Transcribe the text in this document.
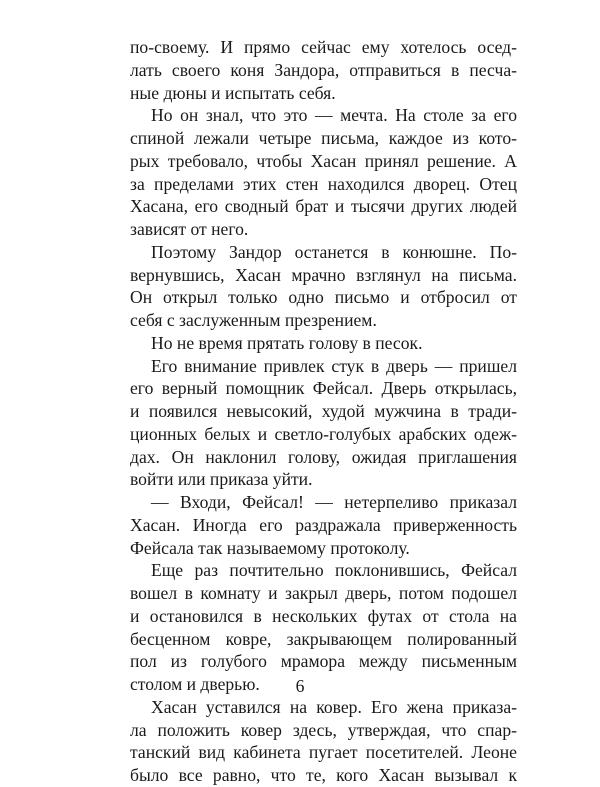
по-своему. И прямо сейчас ему хотелось осед-
лать своего коня Зандора, отправиться в песча-
ные дюны и испытать себя.
Но он знал, что это — мечта. На столе за его
спиной лежали четыре письма, каждое из кото-
рых требовало, чтобы Хасан принял решение. А
за пределами этих стен находился дворец. Отец
Хасана, его сводный брат и тысячи других людей
зависят от него.
Поэтому Зандор останется в конюшне. По-
вернувшись, Хасан мрачно взглянул на письма.
Он открыл только одно письмо и отбросил от
себя с заслуженным презрением.
Но не время прятать голову в песок.
Его внимание привлек стук в дверь — пришел
его верный помощник Фейсал. Дверь открылась,
и появился невысокий, худой мужчина в тради-
ционных белых и светло-голубых арабских одеж-
дах. Он наклонил голову, ожидая приглашения
войти или приказа уйти.
— Входи, Фейсал! — нетерпеливо приказал
Хасан. Иногда его раздражала приверженность
Фейсала так называемому протоколу.
Еще раз почтительно поклонившись, Фейсал
вошел в комнату и закрыл дверь, потом подошел
и остановился в нескольких футах от стола на
бесценном ковре, закрывающем полированный
пол из голубого мрамора между письменным
столом и дверью.
Хасан уставился на ковер. Его жена приказа-
ла положить ковер здесь, утверждая, что спар-
танский вид кабинета пугает посетителей. Леоне
было все равно, что те, кого Хасан вызывал к
6
